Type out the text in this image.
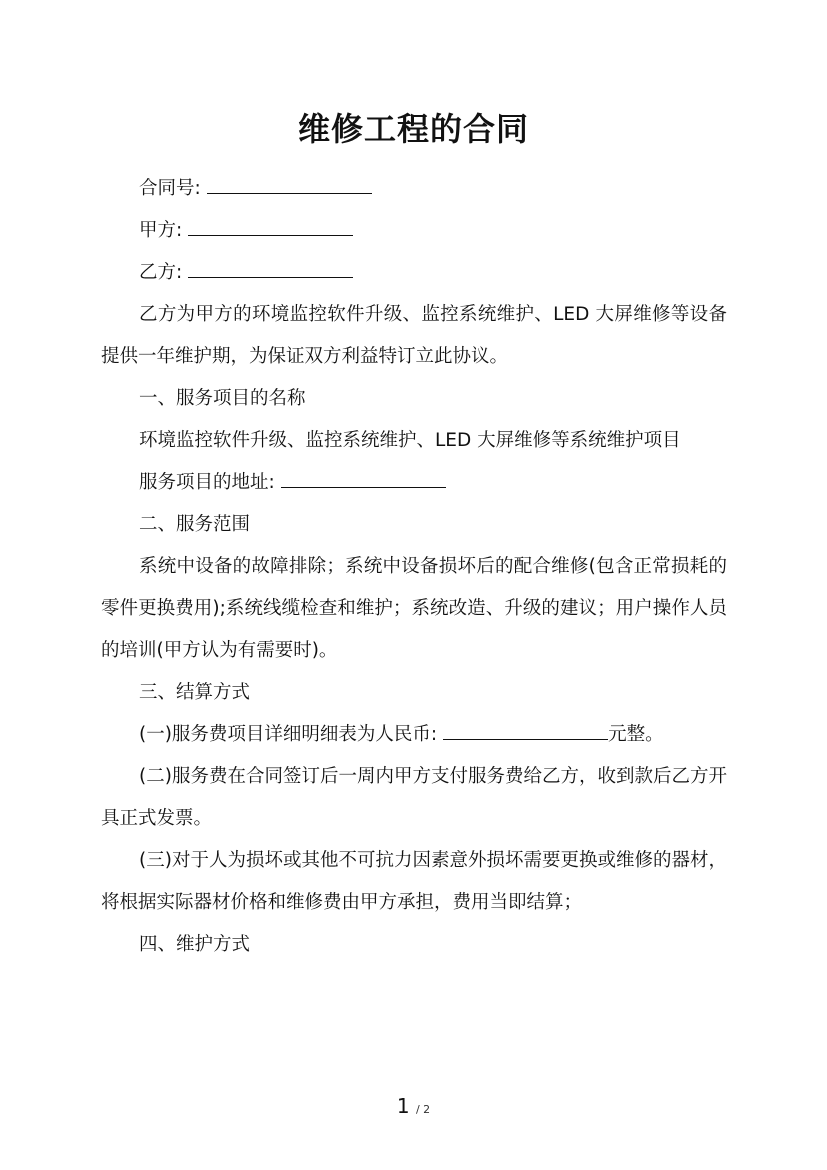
维修工程的合同

合同号:

甲方:

乙方:

乙方为甲方的环境监控软件升级、监控系统维护、LED 大屏维修等设备提供一年维护期，为保证双方利益特订立此协议。

一、服务项目的名称

环境监控软件升级、监控系统维护、LED 大屏维修等系统维护项目

服务项目的地址:

二、服务范围

系统中设备的故障排除；系统中设备损坏后的配合维修(包含正常损耗的零件更换费用);系统线缆检查和维护；系统改造、升级的建议；用户操作人员的培训(甲方认为有需要时)。

三、结算方式

(一)服务费项目详细明细表为人民币:	元整。

(二)服务费在合同签订后一周内甲方支付服务费给乙方，收到款后乙方开具正式发票。

(三)对于人为损坏或其他不可抗力因素意外损坏需要更换或维修的器材，将根据实际器材价格和维修费由甲方承担，费用当即结算；

四、维护方式

1 / 2
